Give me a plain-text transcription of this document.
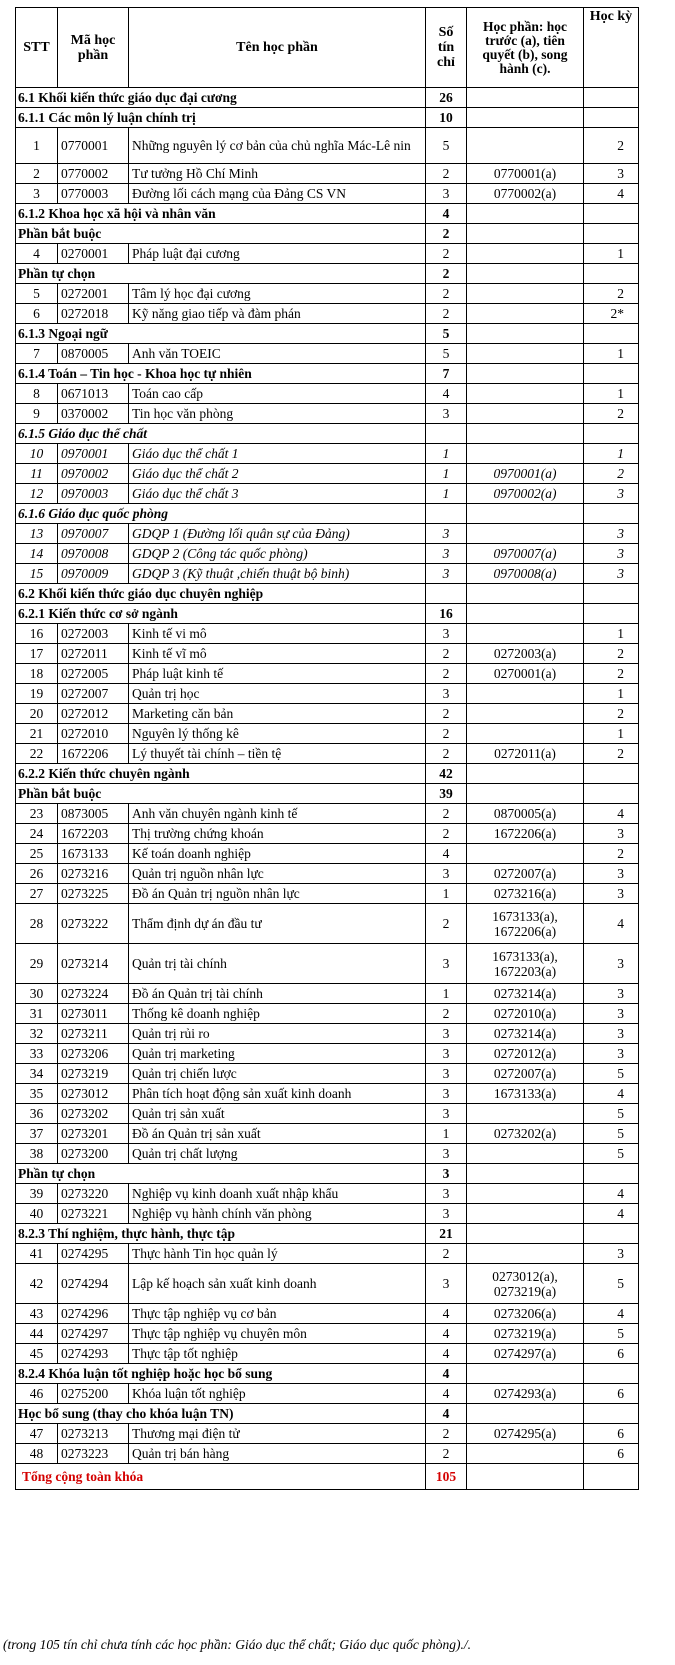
STT	Mã học phần	Tên học phần	Số tín chỉ	Học phần: học trước (a), tiên quyết (b), song hành (c).	Học kỳ
6.1 Khối kiến thức giáo dục đại cương			26		
6.1.1 Các môn lý luận chính trị			10		
1	0770001	Những nguyên lý cơ bản của chủ nghĩa Mác-Lê nin	5		2
2	0770002	Tư tưởng Hồ Chí Minh	2	0770001(a)	3
3	0770003	Đường lối cách mạng của Đảng CS VN	3	0770002(a)	4
6.1.2 Khoa học xã hội và nhân văn			4		
Phần bắt buộc			2		
4	0270001	Pháp luật đại cương	2		1
Phần tự chọn			2		
5	0272001	Tâm lý học đại cương	2		2
6	0272018	Kỹ năng giao tiếp và đàm phán	2		2*
6.1.3 Ngoại ngữ			5		
7	0870005	Anh văn TOEIC	5		1
6.1.4 Toán – Tin học - Khoa học tự nhiên			7		
8	0671013	Toán cao cấp	4		1
9	0370002	Tin học văn phòng	3		2
6.1.5 Giáo dục thể chất					
10	0970001	Giáo dục thể chất 1	1		1
11	0970002	Giáo dục thể chất 2	1	0970001(a)	2
12	0970003	Giáo dục thể chất 3	1	0970002(a)	3
6.1.6 Giáo dục quốc phòng					
13	0970007	GDQP 1 (Đường lối quân sự của Đảng)	3		3
14	0970008	GDQP 2 (Công tác quốc phòng)	3	0970007(a)	3
15	0970009	GDQP 3 (Kỹ thuật ,chiến thuật bộ binh)	3	0970008(a)	3
6.2 Khối kiến thức giáo dục chuyên nghiệp					
6.2.1 Kiến thức cơ sở ngành			16		
16	0272003	Kinh tế vi mô	3		1
17	0272011	Kinh tế vĩ mô	2	0272003(a)	2
18	0272005	Pháp luật kinh tế	2	0270001(a)	2
19	0272007	Quản trị học	3		1
20	0272012	Marketing căn bản	2		2
21	0272010	Nguyên lý thống kê	2		1
22	1672206	Lý thuyết tài chính – tiền tệ	2	0272011(a)	2
6.2.2 Kiến thức chuyên ngành			42		
Phần bắt buộc			39		
23	0873005	Anh văn chuyên ngành kinh tế	2	0870005(a)	4
24	1672203	Thị trường chứng khoán	2	1672206(a)	3
25	1673133	Kế toán doanh nghiệp	4		2
26	0273216	Quản trị nguồn nhân lực	3	0272007(a)	3
27	0273225	Đồ án Quản trị nguồn nhân lực	1	0273216(a)	3
28	0273222	Thẩm định dự án đầu tư	2	1673133(a), 1672206(a)	4
29	0273214	Quản trị tài chính	3	1673133(a), 1672203(a)	3
30	0273224	Đồ án Quản trị tài chính	1	0273214(a)	3
31	0273011	Thống kê doanh nghiệp	2	0272010(a)	3
32	0273211	Quản trị rủi ro	3	0273214(a)	3
33	0273206	Quản trị marketing	3	0272012(a)	3
34	0273219	Quản trị chiến lược	3	0272007(a)	5
35	0273012	Phân tích hoạt động sản xuất kinh doanh	3	1673133(a)	4
36	0273202	Quản trị sản xuất	3		5
37	0273201	Đồ án Quản trị sản xuất	1	0273202(a)	5
38	0273200	Quản trị chất lượng	3		5
Phần tự chọn			3		
39	0273220	Nghiệp vụ kinh doanh xuất nhập khẩu	3		4
40	0273221	Nghiệp vụ hành chính văn phòng	3		4
8.2.3 Thí nghiệm, thực hành, thực tập			21		
41	0274295	Thực hành Tin học quản lý	2		3
42	0274294	Lập kế hoạch sản xuất kinh doanh	3	0273012(a), 0273219(a)	5
43	0274296	Thực tập nghiệp vụ cơ bản	4	0273206(a)	4
44	0274297	Thực tập nghiệp vụ chuyên môn	4	0273219(a)	5
45	0274293	Thực tập tốt nghiệp	4	0274297(a)	6
8.2.4 Khóa luận tốt nghiệp hoặc học bổ sung			4		
46	0275200	Khóa luận tốt nghiệp	4	0274293(a)	6
Học bổ sung (thay cho khóa luận TN)			4		
47	0273213	Thương mại điện tử	2	0274295(a)	6
48	0273223	Quản trị bán hàng	2		6
Tổng cộng toàn khóa			105		
(trong 105 tín chỉ chưa tính các học phần: Giáo dục thể chất; Giáo dục quốc phòng)./.
